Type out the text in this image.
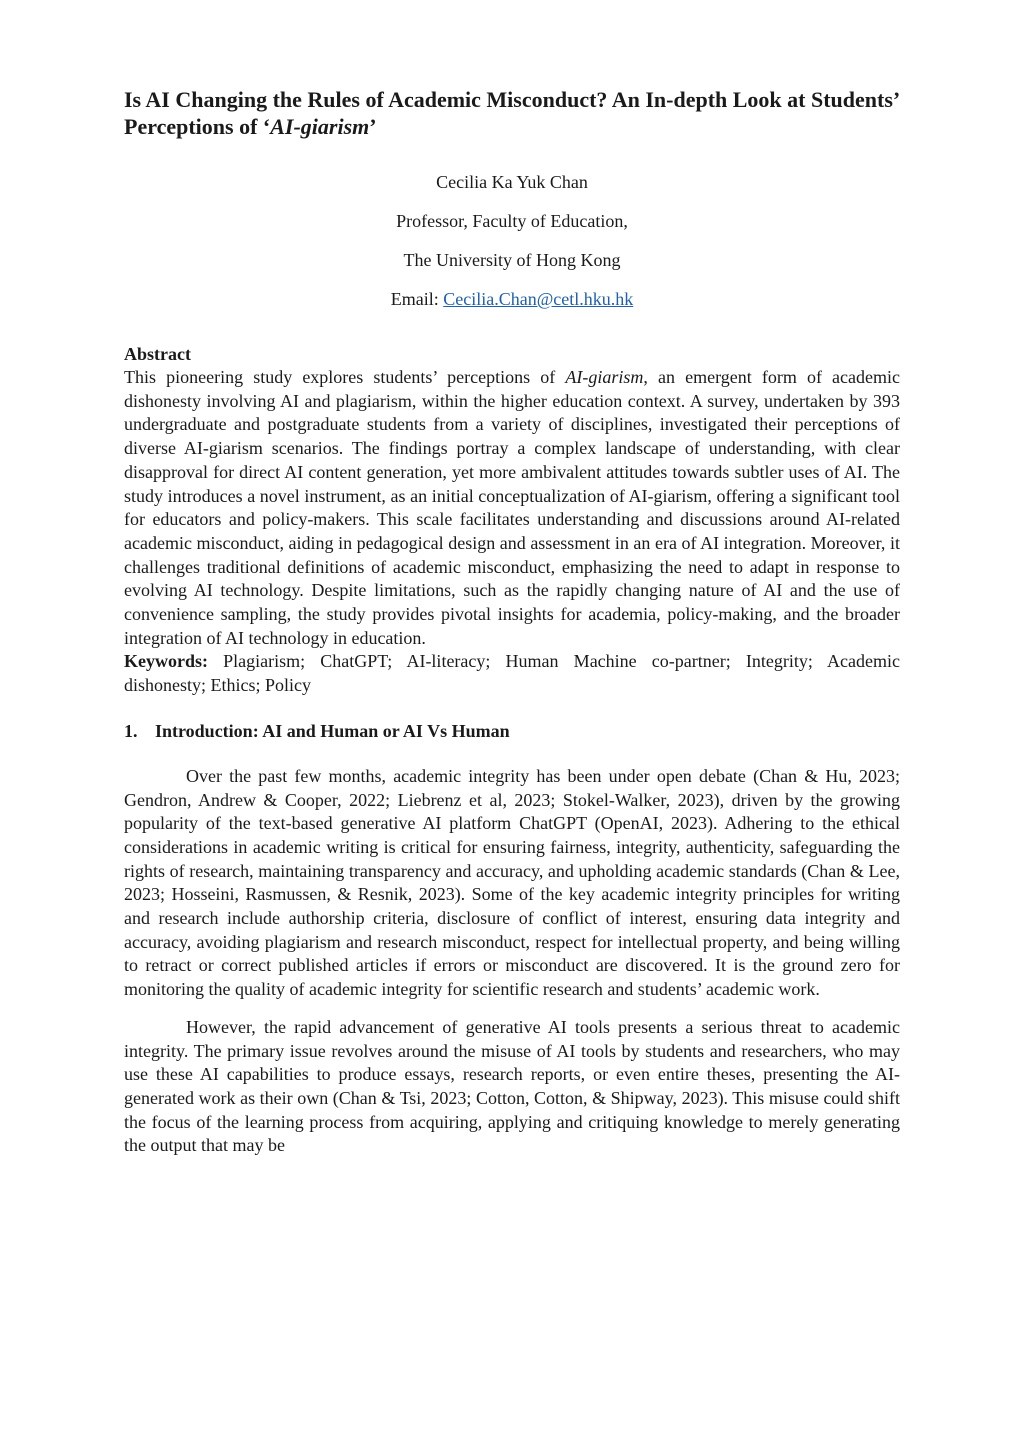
Is AI Changing the Rules of Academic Misconduct? An In-depth Look at Students’ Perceptions of ‘AI-giarism’
Cecilia Ka Yuk Chan
Professor, Faculty of Education,
The University of Hong Kong
Email: Cecilia.Chan@cetl.hku.hk
Abstract

This pioneering study explores students’ perceptions of AI-giarism, an emergent form of academic dishonesty involving AI and plagiarism, within the higher education context. A survey, undertaken by 393 undergraduate and postgraduate students from a variety of disciplines, investigated their perceptions of diverse AI-giarism scenarios. The findings portray a complex landscape of understanding, with clear disapproval for direct AI content generation, yet more ambivalent attitudes towards subtler uses of AI. The study introduces a novel instrument, as an initial conceptualization of AI-giarism, offering a significant tool for educators and policy-makers. This scale facilitates understanding and discussions around AI-related academic misconduct, aiding in pedagogical design and assessment in an era of AI integration. Moreover, it challenges traditional definitions of academic misconduct, emphasizing the need to adapt in response to evolving AI technology. Despite limitations, such as the rapidly changing nature of AI and the use of convenience sampling, the study provides pivotal insights for academia, policy-making, and the broader integration of AI technology in education.

Keywords: Plagiarism; ChatGPT; AI-literacy; Human Machine co-partner; Integrity; Academic dishonesty; Ethics; Policy

1. Introduction: AI and Human or AI Vs Human

Over the past few months, academic integrity has been under open debate (Chan & Hu, 2023; Gendron, Andrew & Cooper, 2022; Liebrenz et al, 2023; Stokel-Walker, 2023), driven by the growing popularity of the text-based generative AI platform ChatGPT (OpenAI, 2023). Adhering to the ethical considerations in academic writing is critical for ensuring fairness, integrity, authenticity, safeguarding the rights of research, maintaining transparency and accuracy, and upholding academic standards (Chan & Lee, 2023; Hosseini, Rasmussen, & Resnik, 2023). Some of the key academic integrity principles for writing and research include authorship criteria, disclosure of conflict of interest, ensuring data integrity and accuracy, avoiding plagiarism and research misconduct, respect for intellectual property, and being willing to retract or correct published articles if errors or misconduct are discovered. It is the ground zero for monitoring the quality of academic integrity for scientific research and students’ academic work.

However, the rapid advancement of generative AI tools presents a serious threat to academic integrity. The primary issue revolves around the misuse of AI tools by students and researchers, who may use these AI capabilities to produce essays, research reports, or even entire theses, presenting the AI-generated work as their own (Chan & Tsi, 2023; Cotton, Cotton, & Shipway, 2023). This misuse could shift the focus of the learning process from acquiring, applying and critiquing knowledge to merely generating the output that may be
